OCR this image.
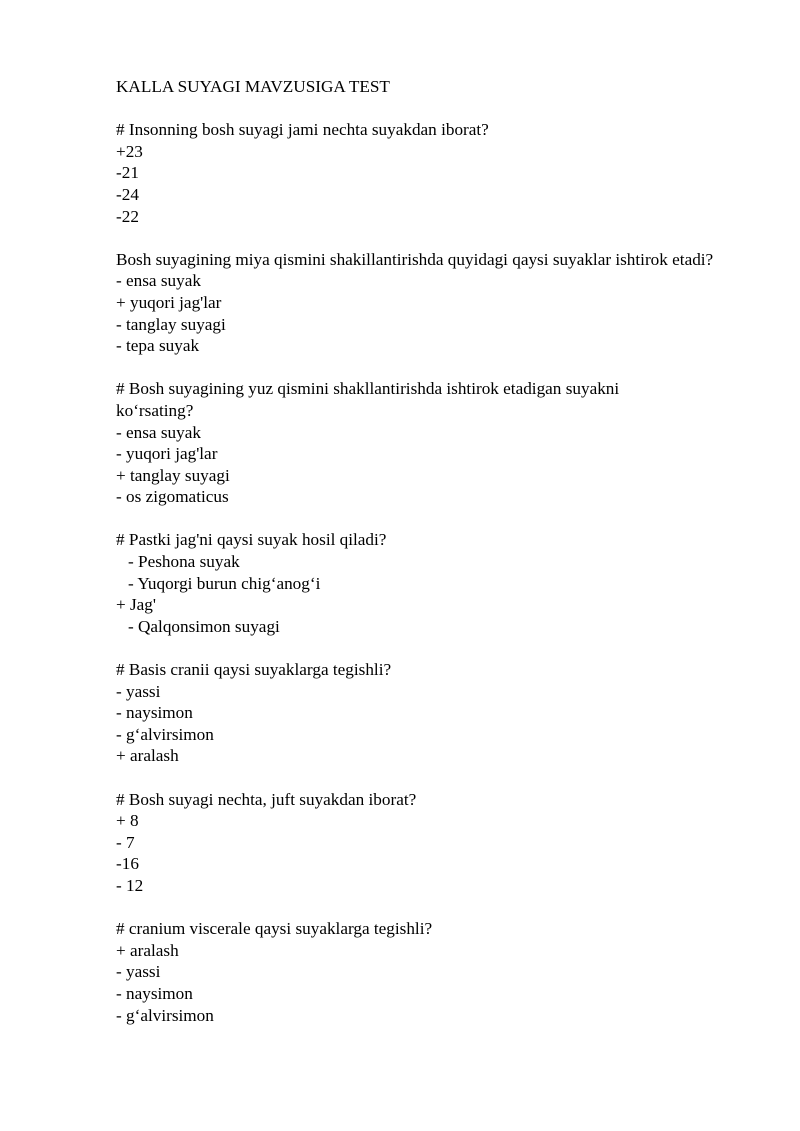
KALLA SUYAGI MAVZUSIGA TEST

# Insonning bosh suyagi jami nechta suyakdan iborat?

+23

-21

-24

-22

Bosh suyagining miya qismini shakillantirishda quyidagi qaysi suyaklar ishtirok etadi?

- ensa suyak

+ yuqori jag'lar

- tanglay suyagi

- tepa suyak

# Bosh suyagining yuz qismini shakllantirishda ishtirok etadigan suyakni ko‘rsating?

- ensa suyak

- yuqori jag'lar

+ tanglay suyagi

- os zigomaticus

# Pastki jag'ni qaysi suyak hosil qiladi?

- Peshona suyak

- Yuqorgi burun chig‘anog‘i

+ Jag'

- Qalqonsimon suyagi

# Basis cranii qaysi suyaklarga tegishli?

- yassi

- naysimon

- g‘alvirsimon

+ aralash

# Bosh suyagi nechta, juft suyakdan iborat?

+ 8

- 7

-16

- 12

# cranium viscerale qaysi suyaklarga tegishli?

+ aralash

- yassi

- naysimon

- g‘alvirsimon
